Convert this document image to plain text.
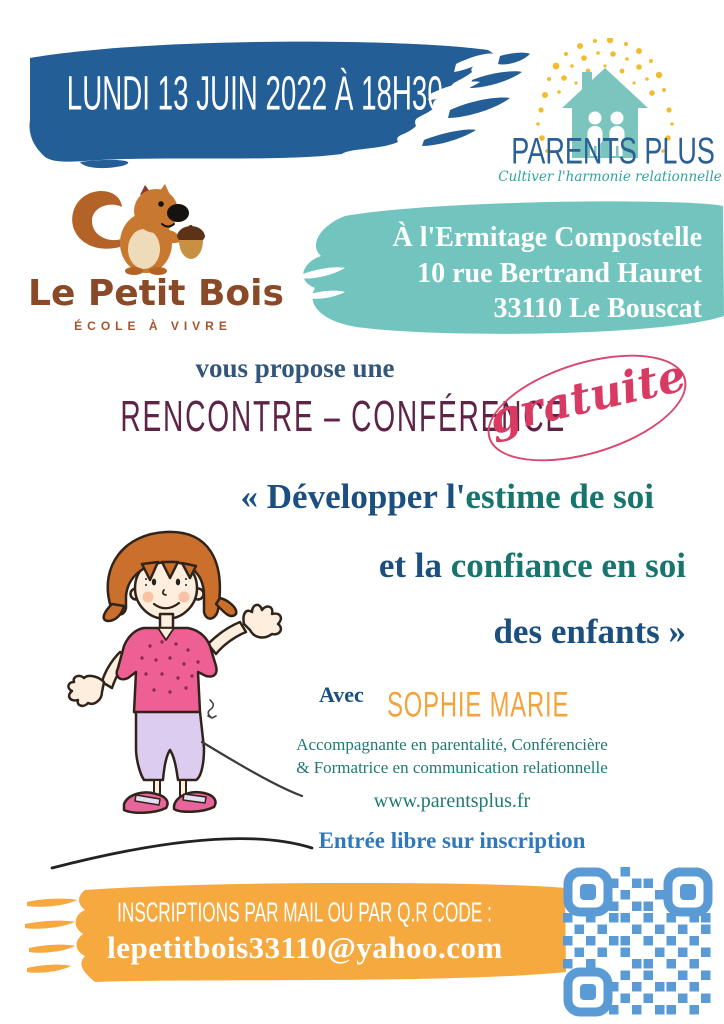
LUNDI 13 JUIN 2022 À 18H30
PARENTS PLUS
Cultiver l'harmonie relationnelle
Le Petit Bois
ÉCOLE À VIVRE
À l'Ermitage Compostelle
10 rue Bertrand Hauret
33110 Le Bouscat
vous propose une
RENCONTRE – CONFÉRENCE
gratuite
« Développer l'estime de soi
et la confiance en soi
des enfants »
Avec SOPHIE MARIE
Accompagnante en parentalité, Conférencière
& Formatrice en communication relationnelle
www.parentsplus.fr
Entrée libre sur inscription
INSCRIPTIONS PAR MAIL OU PAR Q.R CODE :
lepetitbois33110@yahoo.com
